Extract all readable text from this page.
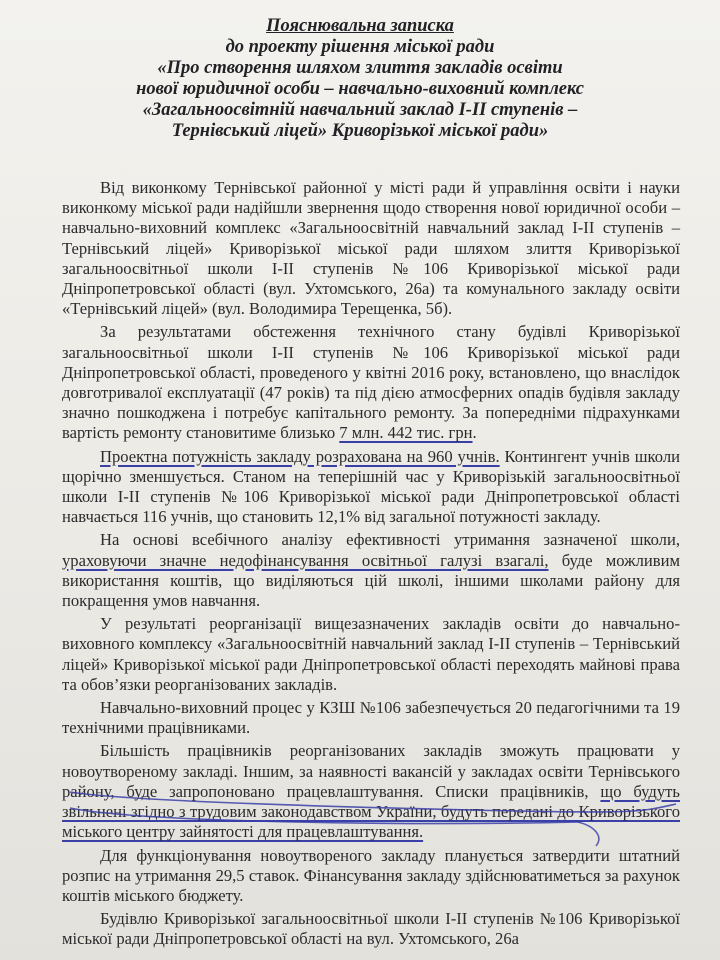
Пояснювальна записка
до проекту рішення міської ради
«Про створення шляхом злиття закладів освіти
нової юридичної особи – навчально-виховний комплекс
«Загальноосвітній навчальний заклад І-ІІ ступенів –
Тернівський ліцей» Криворізької міської ради»

Від виконкому Тернівської районної у місті ради й управління освіти і науки виконкому міської ради надійшли звернення щодо створення нової юридичної особи – навчально-виховний комплекс «Загальноосвітній навчальний заклад І-ІІ ступенів – Тернівський ліцей» Криворізької міської ради шляхом злиття Криворізької загальноосвітньої школи І-ІІ ступенів №106 Криворізької міської ради Дніпропетровської області (вул. Ухтомського, 26а) та комунального закладу освіти «Тернівський ліцей» (вул. Володимира Терещенка, 5б).

За результатами обстеження технічного стану будівлі Криворізької загальноосвітньої школи І-ІІ ступенів №106 Криворізької міської ради Дніпропетровської області, проведеного у квітні 2016 року, встановлено, що внаслідок довготривалої експлуатації (47 років) та під дією атмосферних опадів будівля закладу значно пошкоджена і потребує капітального ремонту. За попередніми підрахунками вартість ремонту становитиме близько 7 млн. 442 тис. грн.

Проектна потужність закладу розрахована на 960 учнів. Контингент учнів школи щорічно зменшується. Станом на теперішній час у Криворізькій загальноосвітньої школи І-ІІ ступенів №106 Криворізької міської ради Дніпропетровської області навчається 116 учнів, що становить 12,1% від загальної потужності закладу.

На основі всебічного аналізу ефективності утримання зазначеної школи, ураховуючи значне недофінансування освітньої галузі взагалі, буде можливим використання коштів, що виділяються цій школі, іншими школами району для покращення умов навчання.

У результаті реорганізації вищезазначених закладів освіти до навчально-виховного комплексу «Загальноосвітній навчальний заклад І-ІІ ступенів – Тернівський ліцей» Криворізької міської ради Дніпропетровської області переходять майнові права та обов’язки реорганізованих закладів.

Навчально-виховний процес у КЗШ №106 забезпечується 20 педагогічними та 19 технічними працівниками.

Більшість працівників реорганізованих закладів зможуть працювати у новоутвореному закладі. Іншим, за наявності вакансій у закладах освіти Тернівського району, буде запропоновано працевлаштування. Списки працівників, що будуть звільнені згідно з трудовим законодавством України, будуть передані до Криворізького міського центру зайнятості для працевлаштування.

Для функціонування новоутвореного закладу планується затвердити штатний розпис на утримання 29,5 ставок. Фінансування закладу здійснюватиметься за рахунок коштів міського бюджету.

Будівлю Криворізької загальноосвітньої школи І-ІІ ступенів №106 Криворізької міської ради Дніпропетровської області на вул. Ухтомського, 26а
